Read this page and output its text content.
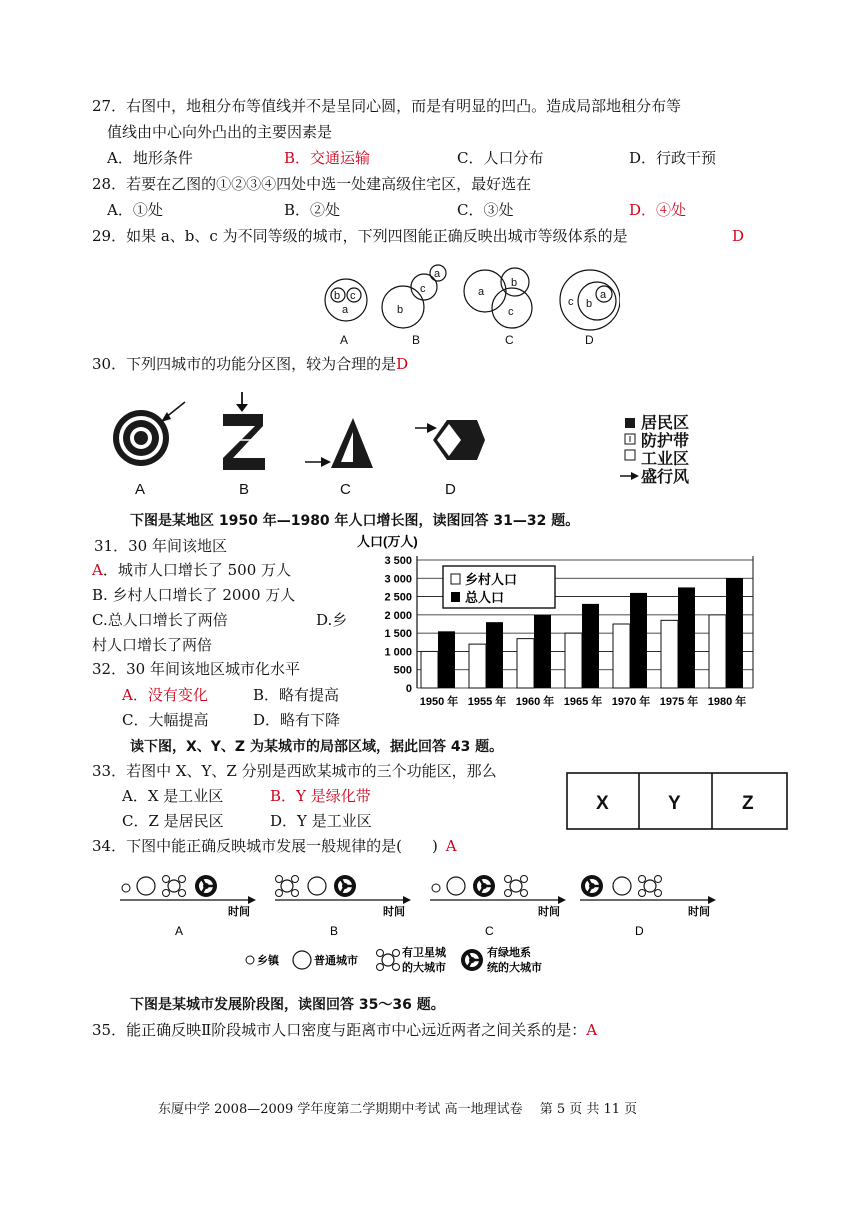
27．右图中，地租分布等值线并不是呈同心圆，而是有明显的凹凸。造成局部地租分布等
值线由中心向外凸出的主要因素是
A．地形条件	B．交通运输	C．人口分布	D．行政干预
28．若要在乙图的①②③④四处中选一处建高级住宅区，最好选在
A．①处	B．②处	C．③处	D．④处
29．如果 a、b、c 为不同等级的城市，下列四图能正确反映出城市等级体系的是	D
b c
a	b
c
a
a
b
c
c b
a
A	B	C	D
30．下列四城市的功能分区图，较为合理的是D
居民区
防护带
工业区
盛行风
A	B	C	D
下图是某地区 1950 年—1980 年人口增长图，读图回答 31—32 题。
31．30 年间该地区
A．城市人口增长了 500 万人
B. 乡村人口增长了 2000 万人
C.总人口增长了两倍	D.乡
村人口增长了两倍
32．30 年间该地区城市化水平
A．没有变化	B．略有提高
C．大幅提高	D．略有下降
人口(万人)
0
500
1 000
1 500
2 000
2 500
3 000
3 500
1950 年 1955 年 1960 年 1965 年 1970 年 1975 年 1980 年
乡村人口
总人口
读下图，X、Y、Z 为某城市的局部区域，据此回答 43 题。
33．若图中 X、Y、Z 分别是西欧某城市的三个功能区，那么
A．X 是工业区	B．Y 是绿化带
C．Z 是居民区	D．Y 是工业区
X	Y	Z
34．下图中能正确反映城市发展一般规律的是(　　) A
时间
A
时间
B
时间
C
时间
D
乡镇	普通城市
有卫星城
的大城市
有绿地系
统的大城市
下图是某城市发展阶段图，读图回答 35～36 题。
35．能正确反映Ⅱ阶段城市人口密度与距离市中心远近两者之间关系的是：A
东厦中学 2008—2009 学年度第二学期期中考试 高一地理试卷　 第 5 页 共 11 页
